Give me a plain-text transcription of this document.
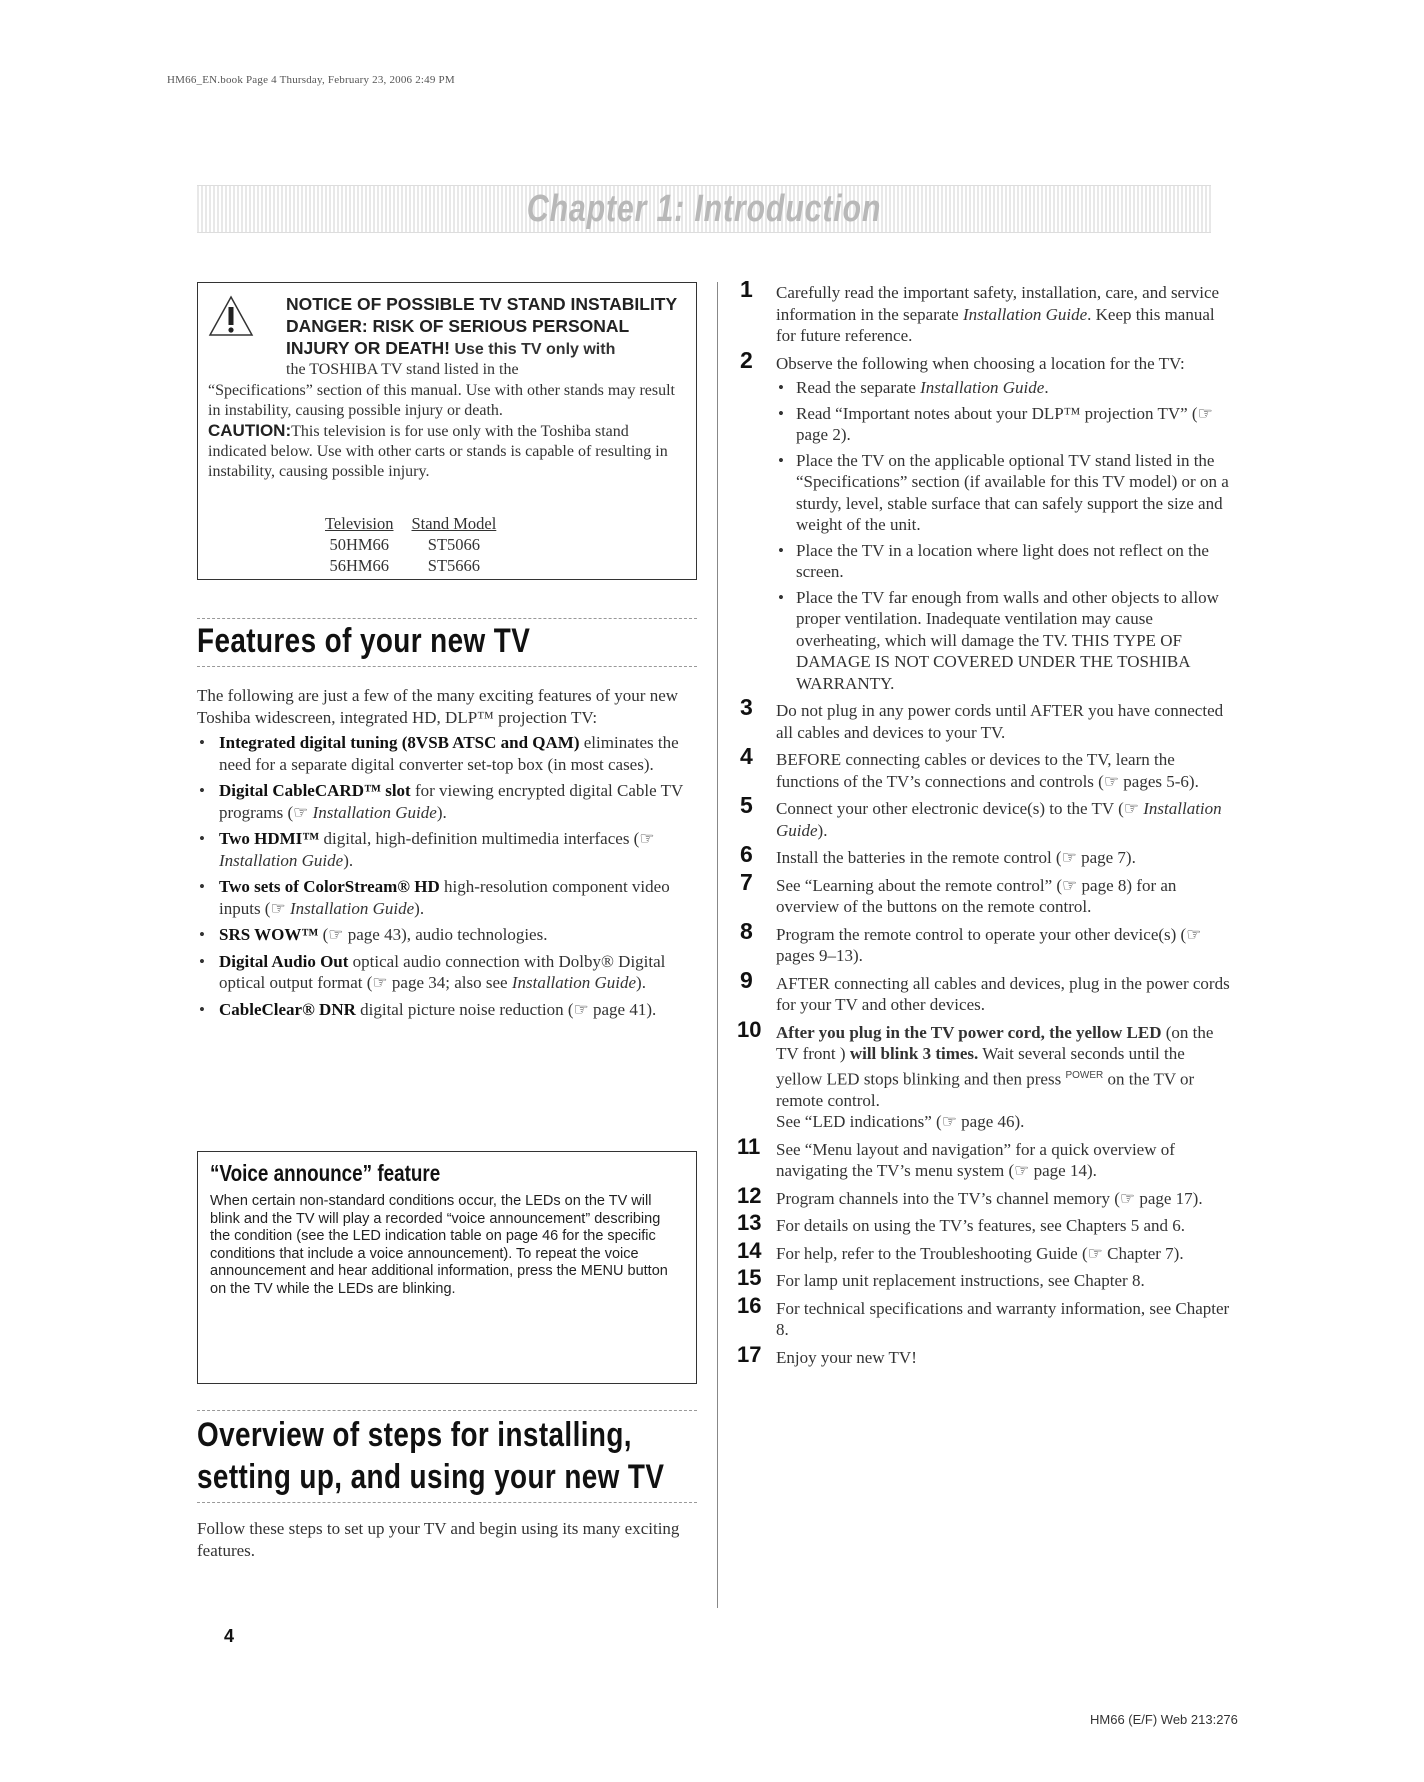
HM66_EN.book Page 4 Thursday, February 23, 2006 2:49 PM
Chapter 1: Introduction
NOTICE OF POSSIBLE TV STAND INSTABILITY
DANGER: RISK OF SERIOUS PERSONAL
INJURY OR DEATH! Use this TV only with
the TOSHIBA TV stand listed in the
“Specifications” section of this manual. Use with other stands may result in instability, causing possible injury or death.
CAUTION:This television is for use only with the Toshiba stand indicated below. Use with other carts or stands is capable of resulting in instability, causing possible injury.
Television	Stand Model
50HM66	ST5066
56HM66	ST5666
Features of your new TV
The following are just a few of the many exciting features of your new Toshiba widescreen, integrated HD, DLP™ projection TV:
• Integrated digital tuning (8VSB ATSC and QAM) eliminates the need for a separate digital converter set-top box (in most cases).
• Digital CableCARD™ slot for viewing encrypted digital Cable TV programs (☞ Installation Guide).
• Two HDMI™ digital, high-definition multimedia interfaces (☞ Installation Guide).
• Two sets of ColorStream® HD high-resolution component video inputs (☞ Installation Guide).
• SRS WOW™ (☞ page 43), audio technologies.
• Digital Audio Out optical audio connection with Dolby® Digital optical output format (☞ page 34; also see Installation Guide).
• CableClear® DNR digital picture noise reduction (☞ page 41).
“Voice announce” feature
When certain non-standard conditions occur, the LEDs on the TV will blink and the TV will play a recorded “voice announcement” describing the condition (see the LED indication table on page 46 for the specific conditions that include a voice announcement). To repeat the voice announcement and hear additional information, press the MENU button on the TV while the LEDs are blinking.
Overview of steps for installing,
setting up, and using your new TV
Follow these steps to set up your TV and begin using its many exciting features.
1	Carefully read the important safety, installation, care, and service information in the separate Installation Guide. Keep this manual for future reference.
2	Observe the following when choosing a location for the TV:
• Read the separate Installation Guide.
• Read “Important notes about your DLP™ projection TV” (☞ page 2).
• Place the TV on the applicable optional TV stand listed in the “Specifications” section (if available for this TV model) or on a sturdy, level, stable surface that can safely support the size and weight of the unit.
• Place the TV in a location where light does not reflect on the screen.
• Place the TV far enough from walls and other objects to allow proper ventilation. Inadequate ventilation may cause overheating, which will damage the TV. THIS TYPE OF DAMAGE IS NOT COVERED UNDER THE TOSHIBA WARRANTY.
3	Do not plug in any power cords until AFTER you have connected all cables and devices to your TV.
4	BEFORE connecting cables or devices to the TV, learn the functions of the TV’s connections and controls (☞ pages 5-6).
5	Connect your other electronic device(s) to the TV (☞ Installation Guide).
6	Install the batteries in the remote control (☞ page 7).
7	See “Learning about the remote control” (☞ page 8) for an overview of the buttons on the remote control.
8	Program the remote control to operate your other device(s) (☞ pages 9–13).
9	AFTER connecting all cables and devices, plug in the power cords for your TV and other devices.
10 After you plug in the TV power cord, the yellow LED (on the TV front ) will blink 3 times. Wait several seconds until the yellow LED stops blinking and then press $^{POWER}$ on the TV or remote control.
See “LED indications” (☞ page 46).
11 See “Menu layout and navigation” for a quick overview of navigating the TV’s menu system (☞ page 14).
12 Program channels into the TV’s channel memory (☞ page 17).
13 For details on using the TV’s features, see Chapters 5 and 6.
14 For help, refer to the Troubleshooting Guide (☞ Chapter 7).
15 For lamp unit replacement instructions, see Chapter 8.
16 For technical specifications and warranty information, see Chapter 8.
17 Enjoy your new TV!
4
HM66 (E/F) Web 213:276
